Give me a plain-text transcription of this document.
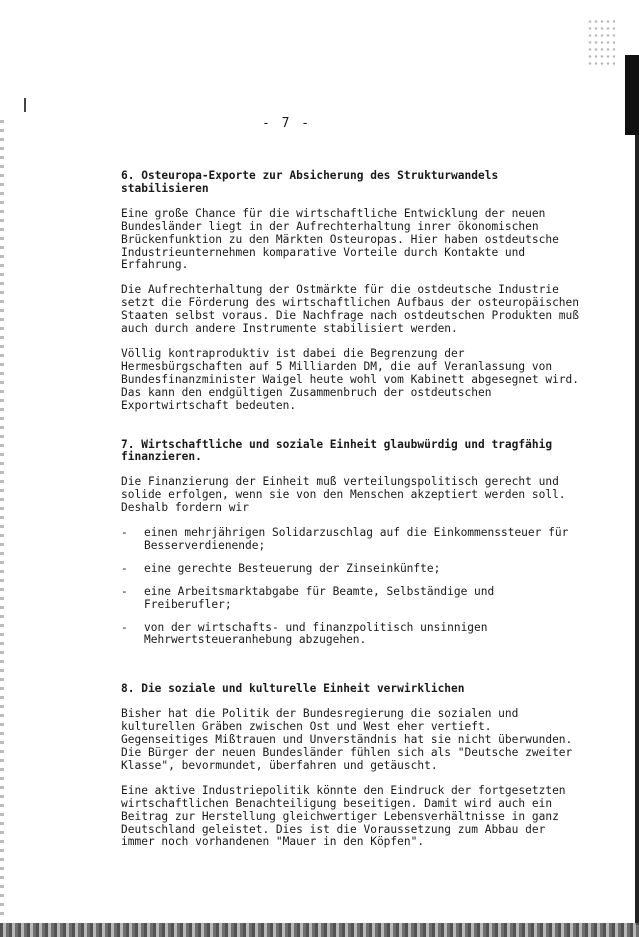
- 7 -

6. Osteuropa-Exporte zur Absicherung des Strukturwandels stabilisieren

Eine große Chance für die wirtschaftliche Entwicklung der neuen Bundesländer liegt in der Aufrechterhaltung inrer ökonomischen Brückenfunktion zu den Märkten Osteuropas. Hier haben ostdeutsche Industrieunternehmen komparative Vorteile durch Kontakte und Erfahrung.

Die Aufrechterhaltung der Ostmärkte für die ostdeutsche Industrie setzt die Förderung des wirtschaftlichen Aufbaus der osteuropäischen Staaten selbst voraus. Die Nachfrage nach ostdeutschen Produkten muß auch durch andere Instrumente stabilisiert werden.

Völlig kontraproduktiv ist dabei die Begrenzung der Hermesbürgschaften auf 5 Milliarden DM, die auf Veranlassung von Bundesfinanzminister Waigel heute wohl vom Kabinett abgesegnet wird. Das kann den endgültigen Zusammenbruch der ostdeutschen Exportwirtschaft bedeuten.

7. Wirtschaftliche und soziale Einheit glaubwürdig und tragfähig finanzieren.

Die Finanzierung der Einheit muß verteilungspolitisch gerecht und solide erfolgen, wenn sie von den Menschen akzeptiert werden soll. Deshalb fordern wir

- einen mehrjährigen Solidarzuschlag auf die Einkommenssteuer für Besserverdienende;
- eine gerechte Besteuerung der Zinseinkünfte;
- eine Arbeitsmarktabgabe für Beamte, Selbständige und Freiberufler;
- von der wirtschafts- und finanzpolitisch unsinnigen Mehrwertsteueranhebung abzugehen.

8. Die soziale und kulturelle Einheit verwirklichen

Bisher hat die Politik der Bundesregierung die sozialen und kulturellen Gräben zwischen Ost und West eher vertieft. Gegenseitiges Mißtrauen und Unverständnis hat sie nicht überwunden. Die Bürger der neuen Bundesländer fühlen sich als "Deutsche zweiter Klasse", bevormundet, überfahren und getäuscht.

Eine aktive Industriepolitik könnte den Eindruck der fortgesetzten wirtschaftlichen Benachteiligung beseitigen. Damit wird auch ein Beitrag zur Herstellung gleichwertiger Lebensverhältnisse in ganz Deutschland geleistet. Dies ist die Voraussetzung zum Abbau der immer noch vorhandenen "Mauer in den Köpfen".
